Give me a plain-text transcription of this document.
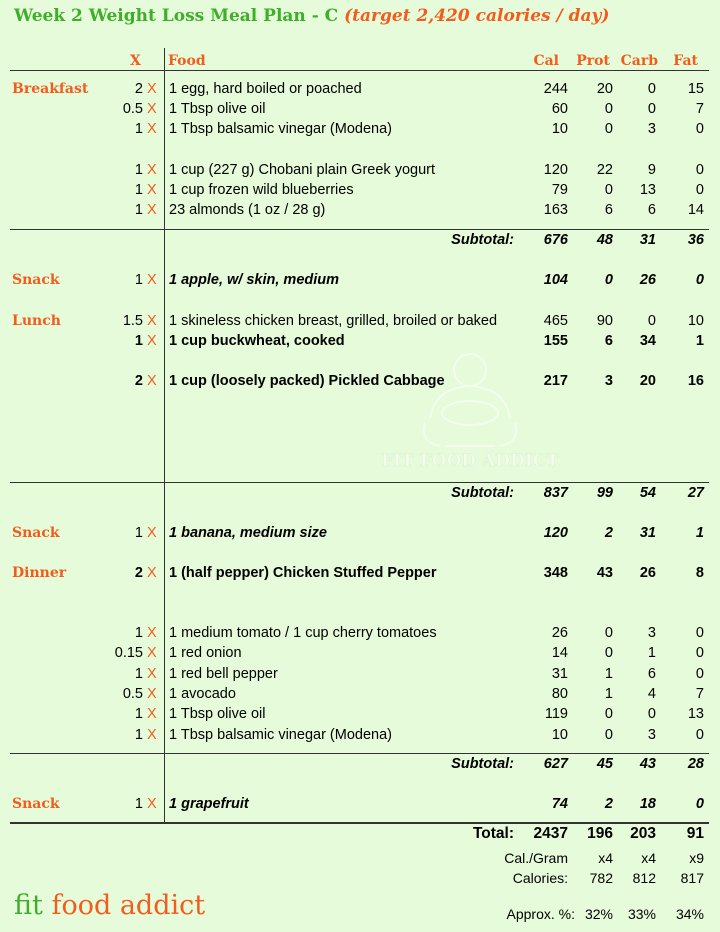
Week 2 Weight Loss Meal Plan - C (target 2,420 calories / day)
X Food	Cal Prot Carb Fat
Breakfast	2 X 1 egg, hard boiled or poached	244 20 0 15
0.5 X 1 Tbsp olive oil	60	0 0	7
1 X 1 Tbsp balsamic vinegar (Modena)	10	0 3	0
1 X 1 cup (227 g) Chobani plain Greek yogurt	120 22 9	0
1 X 1 cup frozen wild blueberries	79	0 13	0
1 X 23 almonds (1 oz / 28 g)	163	6 6 14
Subtotal: 676 48 31 36
Snack	1 X 1 apple, w/ skin, medium	104	0 26	0
Lunch	1.5 X 1 skineless chicken breast, grilled, broiled or baked	465 90 0 10
1 X 1 cup buckwheat, cooked	155	6 34	1
2 X 1 cup (loosely packed) Pickled Cabbage	217	3 20 16
Subtotal: 837 99 54 27
Snack	1 X 1 banana, medium size	120	2 31	1
Dinner	2 X 1 (half pepper) Chicken Stuffed Pepper	348 43 26	8
1 X 1 medium tomato / 1 cup cherry tomatoes	26	0 3	0
0.15 X 1 red onion	14	0 1	0
1 X 1 red bell pepper	31	1 6	0
0.5 X 1 avocado	80	1 4	7
1 X 1 Tbsp olive oil	119	0 0 13
1 X 1 Tbsp balsamic vinegar (Modena)	10	0 3	0
Subtotal: 627 45 43 28
Snack	1 X 1 grapefruit	74	2 18	0
FIT FOOD ADDICT
Total: 2437 196 203 91
Cal./Gram x4 x4 x9
Calories: 782 812 817
Approx. %: 32% 33% 34%
fit food addict
